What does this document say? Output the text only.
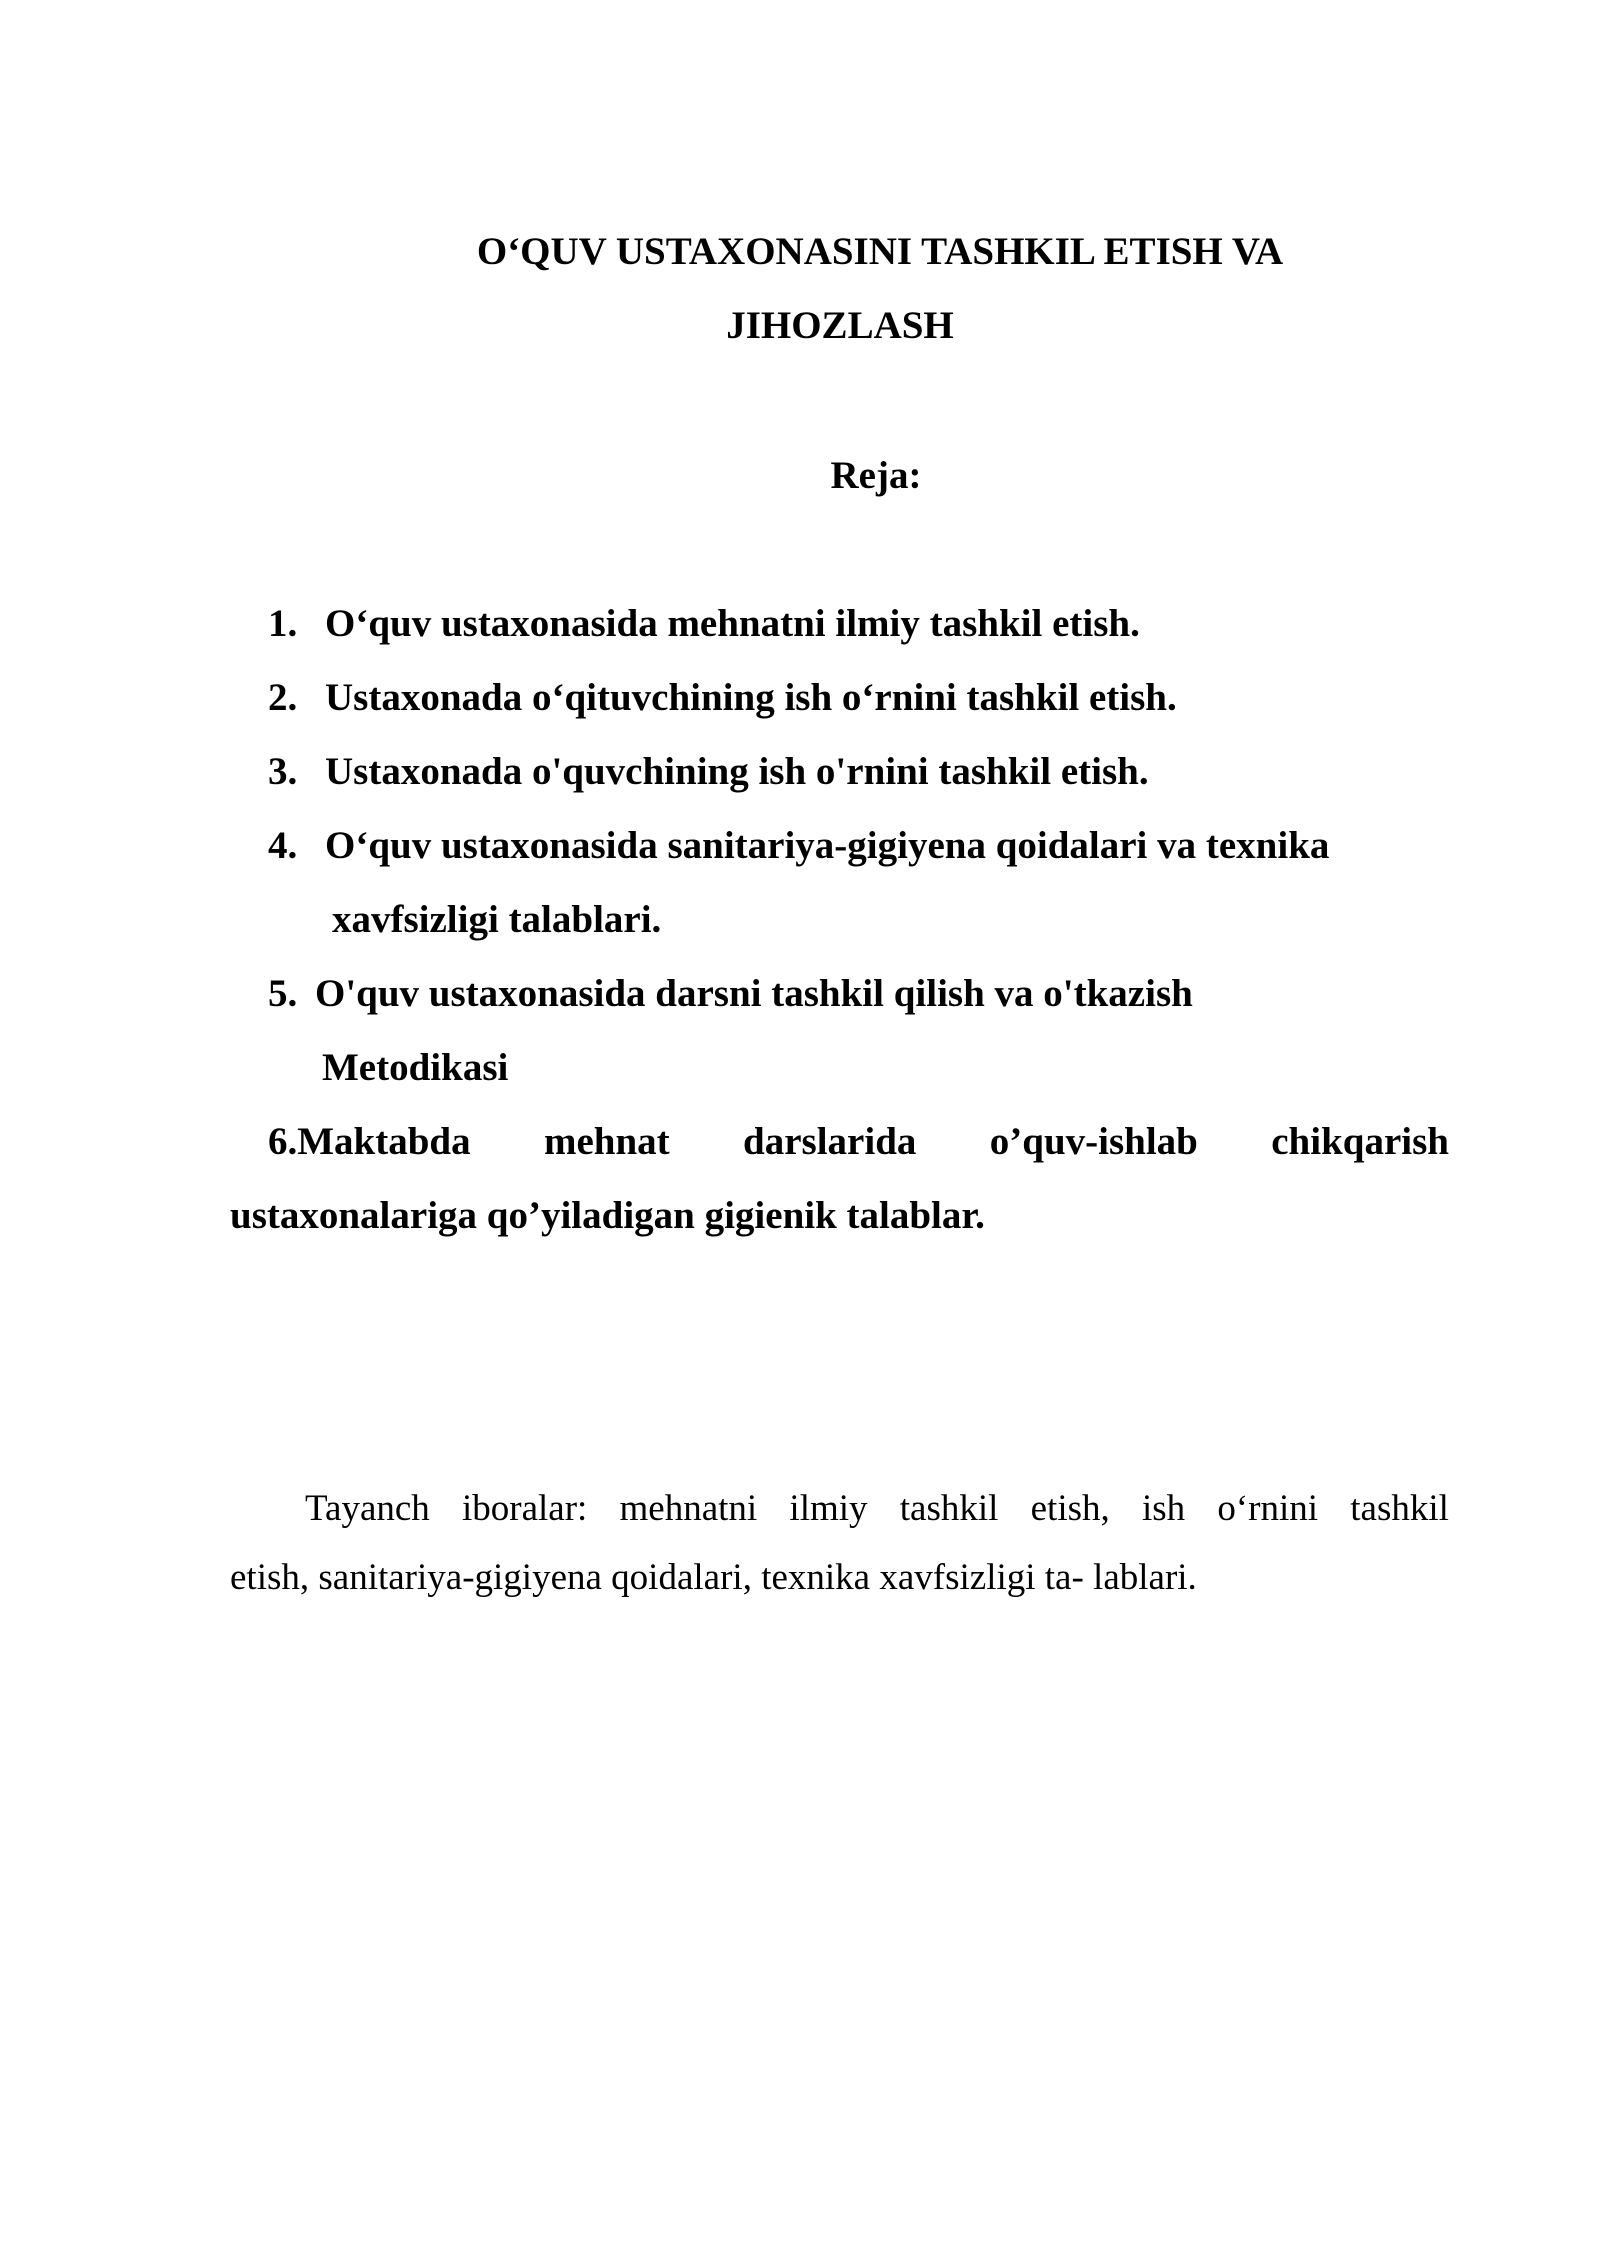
O‘QUV USTAXONASINI TASHKIL ETISH VA
JIHOZLASH
Reja:
1. O‘quv ustaxonasida mehnatni ilmiy tashkil etish.
2. Ustaxonada o‘qituvchining ish o‘rnini tashkil etish.
3. Ustaxonada o'quvchining ish o'rnini tashkil etish.
4. O‘quv ustaxonasida sanitariya-gigiyena qoidalari va texnika
xavfsizligi talablari.
5. O'quv ustaxonasida darsni tashkil qilish va o'tkazish
Metodikasi
6.Maktabda mehnat darslarida o’quv-ishlab chikqarish
ustaxonalariga qo’yiladigan gigienik talablar.
Tayanch iboralar: mehnatni ilmiy tashkil etish, ish o‘rnini tashkil
etish, sanitariya-gigiyena qoidalari, texnika xavfsizligi ta- lablari.
